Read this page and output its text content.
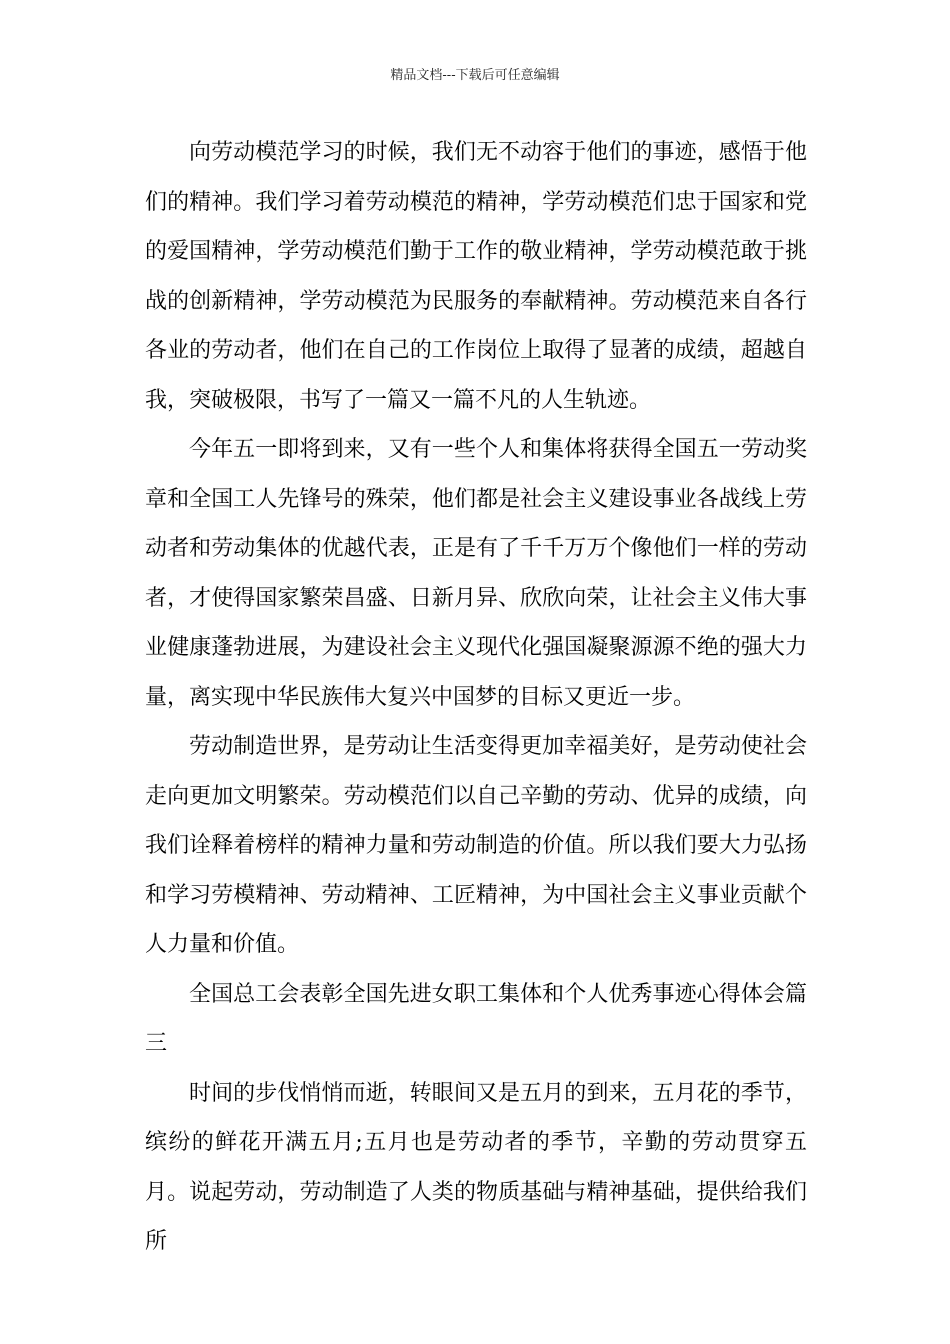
精品文档---下载后可任意编辑

向劳动模范学习的时候，我们无不动容于他们的事迹，感悟于他们的精神。我们学习着劳动模范的精神，学劳动模范们忠于国家和党的爱国精神，学劳动模范们勤于工作的敬业精神，学劳动模范敢于挑战的创新精神，学劳动模范为民服务的奉献精神。劳动模范来自各行各业的劳动者，他们在自己的工作岗位上取得了显著的成绩，超越自我，突破极限，书写了一篇又一篇不凡的人生轨迹。

今年五一即将到来，又有一些个人和集体将获得全国五一劳动奖章和全国工人先锋号的殊荣，他们都是社会主义建设事业各战线上劳动者和劳动集体的优越代表，正是有了千千万万个像他们一样的劳动者，才使得国家繁荣昌盛、日新月异、欣欣向荣，让社会主义伟大事业健康蓬勃进展，为建设社会主义现代化强国凝聚源源不绝的强大力量，离实现中华民族伟大复兴中国梦的目标又更近一步。

劳动制造世界，是劳动让生活变得更加幸福美好，是劳动使社会走向更加文明繁荣。劳动模范们以自己辛勤的劳动、优异的成绩，向我们诠释着榜样的精神力量和劳动制造的价值。所以我们要大力弘扬和学习劳模精神、劳动精神、工匠精神，为中国社会主义事业贡献个人力量和价值。

全国总工会表彰全国先进女职工集体和个人优秀事迹心得体会篇三

时间的步伐悄悄而逝，转眼间又是五月的到来，五月花的季节，缤纷的鲜花开满五月;五月也是劳动者的季节，辛勤的劳动贯穿五月。说起劳动，劳动制造了人类的物质基础与精神基础，提供给我们所
